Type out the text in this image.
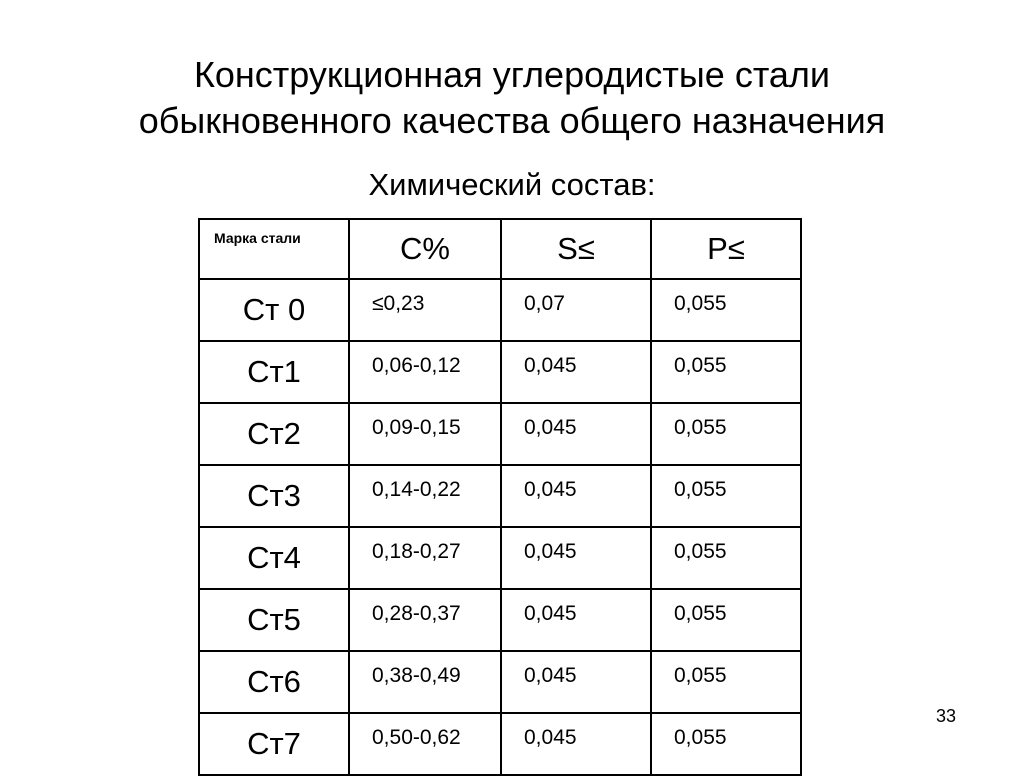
Конструкционная углеродистые стали
обыкновенного качества общего назначения
Химический состав:
Марка стали	C%	S≤	P≤
Ст 0	≤0,23	0,07	0,055
Ст1	0,06-0,12	0,045	0,055
Ст2	0,09-0,15	0,045	0,055
Ст3	0,14-0,22	0,045	0,055
Ст4	0,18-0,27	0,045	0,055
Ст5	0,28-0,37	0,045	0,055
Ст6	0,38-0,49	0,045	0,055
Ст7	0,50-0,62	0,045	0,055
33
